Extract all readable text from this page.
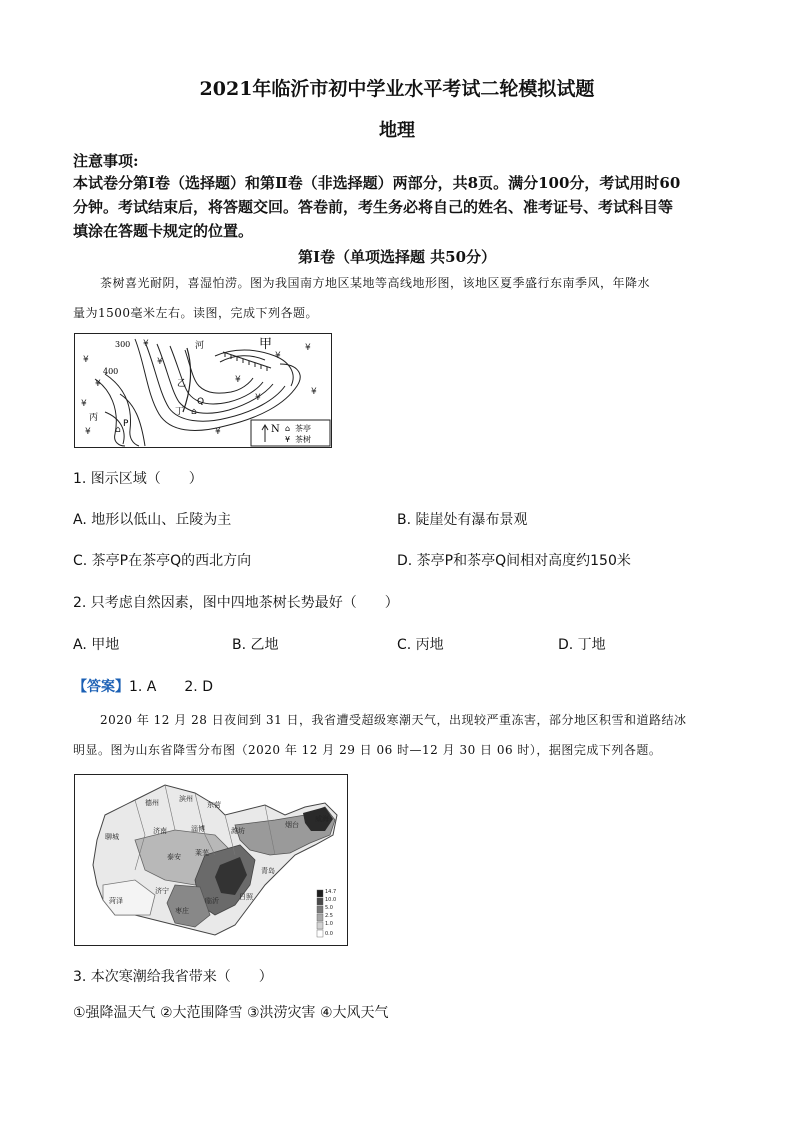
2021年临沂市初中学业水平考试二轮模拟试题
地理
注意事项:
本试卷分第Ⅰ卷（选择题）和第Ⅱ卷（非选择题）两部分，共8页。满分100分，考试用时60
分钟。考试结束后，将答题交回。答卷前，考生务必将自己的姓名、准考证号、考试科目等
填涂在答题卡规定的位置。
第Ⅰ卷（单项选择题 共50分）
茶树喜光耐阴，喜湿怕涝。图为我国南方地区某地等高线地形图，该地区夏季盛行东南季风，年降水
量为1500毫米左右。读图，完成下列各题。
300
400
河	甲
乙
丙
丁
P
Q
¥
¥
¥
¥
¥
¥
¥
¥
¥
¥
¥
¥
⌂
⌂
N ⌂ 茶亭
¥ 茶树
1. 图示区域（　　）
A. 地形以低山、丘陵为主	B. 陡崖处有瀑布景观
C. 茶亭P在茶亭Q的西北方向	D. 茶亭P和茶亭Q间相对高度约150米
2. 只考虑自然因素，图中四地茶树长势最好（　　）
A. 甲地	B. 乙地	C. 丙地	D. 丁地
【答案】1. A　　2. D
2020 年 12 月 28 日夜间到 31 日，我省遭受超级寒潮天气，出现较严重冻害，部分地区积雪和道路结冰
明显。图为山东省降雪分布图（2020 年 12 月 29 日 06 时—12 月 30 日 06 时），据图完成下列各题。
德州	滨州
东营
聊城
济南	淄博	潍坊
烟台
威海
泰安 莱芜
青岛
日照
临沂
枣庄
济宁
菏泽
14.7
10.0
5.0
2.5
1.0
0.0
3. 本次寒潮给我省带来（　　）
①强降温天气 ②大范围降雪 ③洪涝灾害 ④大风天气
